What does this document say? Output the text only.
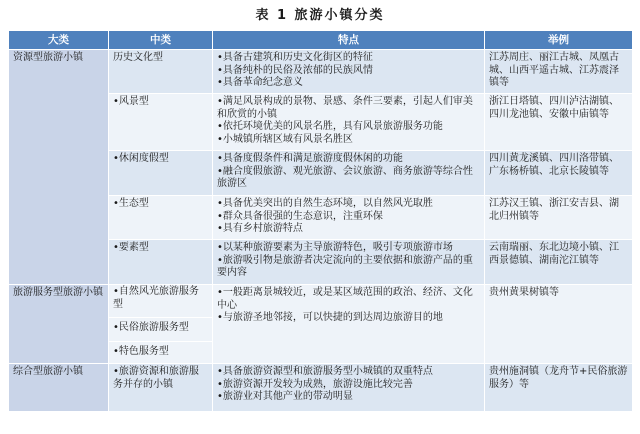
表 1 旅游小镇分类
大类	中类	特点	举例
资源型旅游小镇	历史文化型	•具备古建筑和历史文化街区的特征
•具备纯朴的民俗及浓郁的民族风情
•具备革命纪念意义	江苏周庄、丽江古城、凤凰古城、山西平遥古城、江苏震泽镇等

	•风景型	•满足风景构成的景物、景感、条件三要素，引起人们审美和欣赏的小镇
•依托环境优美的风景名胜，具有风景旅游服务功能
•小城镇所辖区域有风景名胜区	浙江日塔镇、四川泸沽湖镇、四川龙池镇、安徽中庙镇等

	•休闲度假型	•具备度假条件和满足旅游度假休闲的功能
•融合度假旅游、观光旅游、会议旅游、商务旅游等综合性旅游区	四川黄龙溪镇、四川洛带镇、广东杨桥镇、北京长陵镇等

	•生态型	•具备优美突出的自然生态环境，以自然风光取胜
•群众具备很强的生态意识，注重环保
•具有乡村旅游特点	江苏汉王镇、浙江安吉县、湖北归州镇等

	•要素型	•以某种旅游要素为主导旅游特色，吸引专项旅游市场
•旅游吸引物是旅游者决定流向的主要依据和旅游产品的重要内容	云南瑞丽、东北边境小镇、江西景德镇、湖南沱江镇等
旅游服务型旅游小镇	•自然风光旅游服务型
•民俗旅游服务型
•特色服务型	•一般距离景城较近，或是某区域范围的政治、经济、文化中心
•与旅游圣地邻接，可以快捷的到达周边旅游目的地	贵州黄果树镇等
综合型旅游小镇	•旅游资源和旅游服务并存的小镇	•具备旅游资源型和旅游服务型小城镇的双重特点
•旅游资源开发较为成熟，旅游设施比较完善
•旅游业对其他产业的带动明显	贵州施洞镇（龙舟节+民俗旅游服务）等
